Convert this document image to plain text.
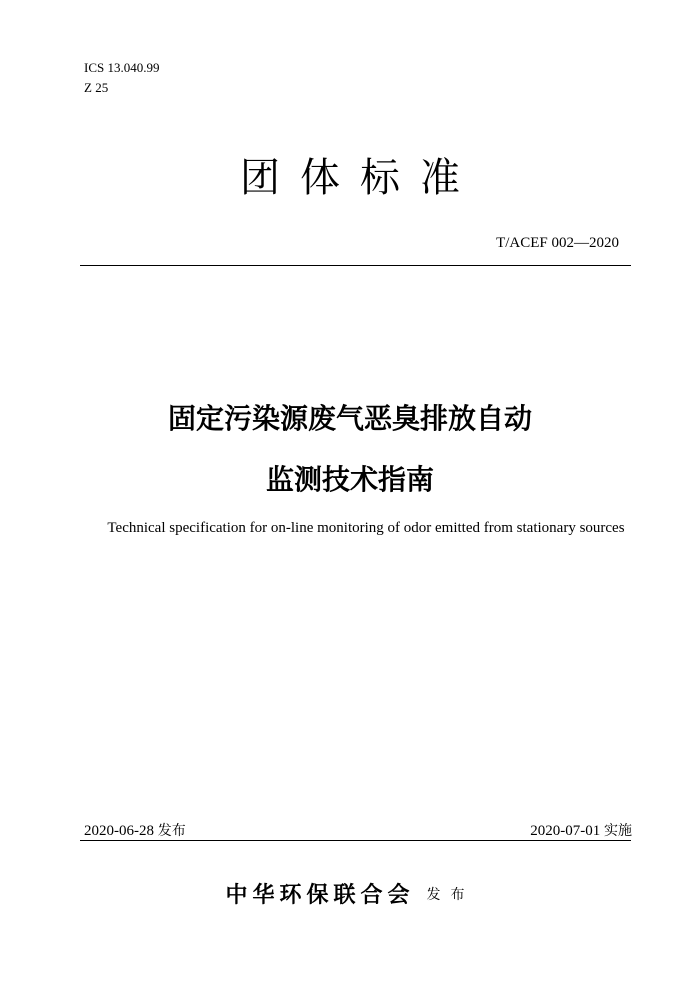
ICS 13.040.99
Z 25
团体标准
T/ACEF 002—2020
固定污染源废气恶臭排放自动
监测技术指南
Technical specification for on-line monitoring of odor emitted from stationary sources
2020-06-28 发布	2020-07-01 实施
中华环保联合会 发布
